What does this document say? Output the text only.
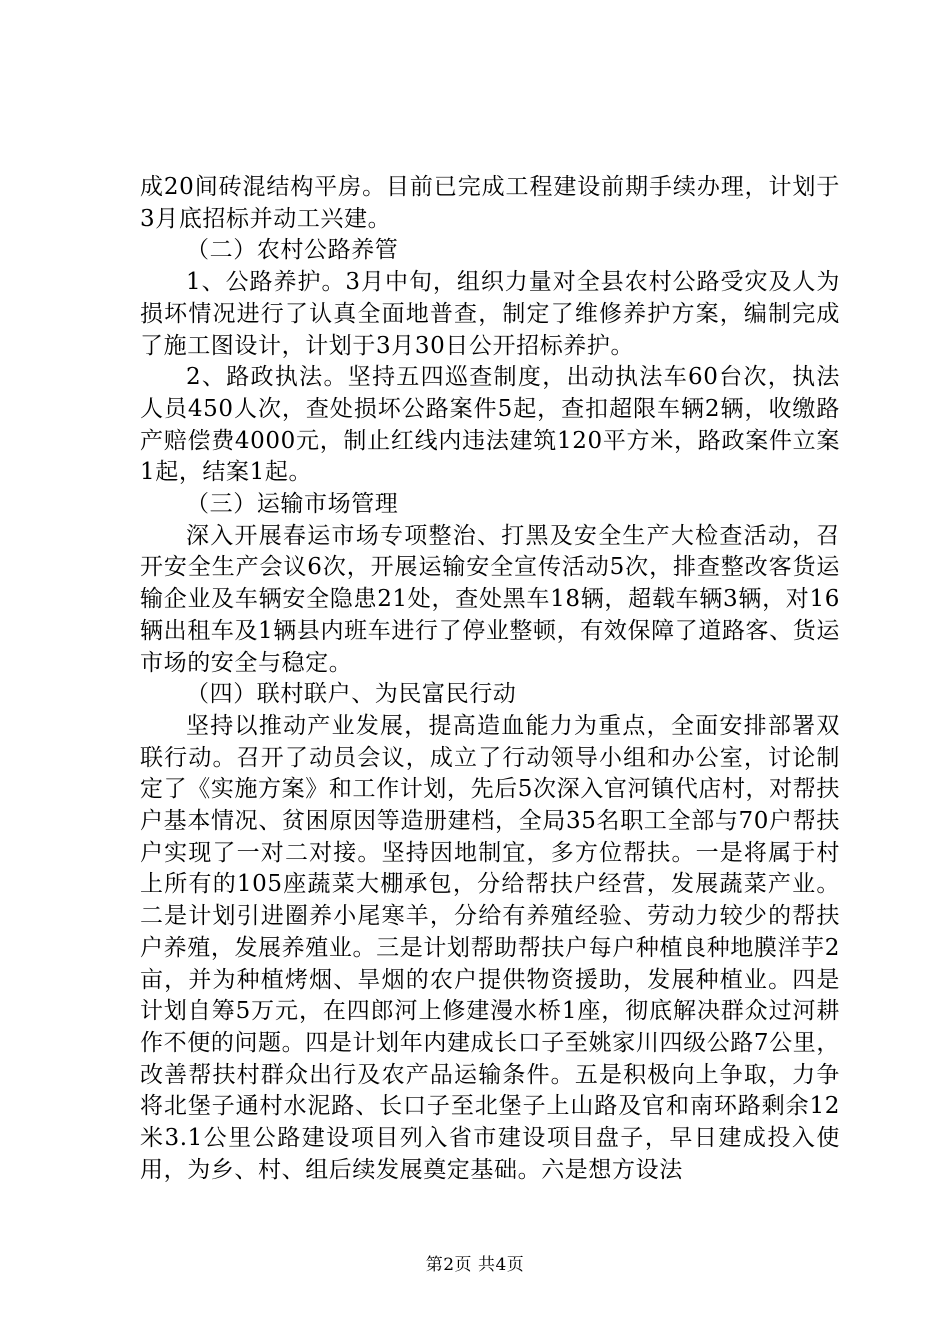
成20间砖混结构平房。目前已完成工程建设前期手续办理，计划于3月底招标并动工兴建。

（二）农村公路养管

1、公路养护。3月中旬，组织力量对全县农村公路受灾及人为损坏情况进行了认真全面地普查，制定了维修养护方案，编制完成了施工图设计，计划于3月30日公开招标养护。

2、路政执法。坚持五四巡查制度，出动执法车60台次，执法人员450人次，查处损坏公路案件5起，查扣超限车辆2辆，收缴路产赔偿费4000元，制止红线内违法建筑120平方米，路政案件立案1起，结案1起。

（三）运输市场管理

深入开展春运市场专项整治、打黑及安全生产大检查活动，召开安全生产会议6次，开展运输安全宣传活动5次，排查整改客货运输企业及车辆安全隐患21处，查处黑车18辆，超载车辆3辆，对16辆出租车及1辆县内班车进行了停业整顿，有效保障了道路客、货运市场的安全与稳定。

（四）联村联户、为民富民行动

坚持以推动产业发展，提高造血能力为重点，全面安排部署双联行动。召开了动员会议，成立了行动领导小组和办公室，讨论制定了《实施方案》和工作计划，先后5次深入官河镇代店村，对帮扶户基本情况、贫困原因等造册建档，全局35名职工全部与70户帮扶户实现了一对二对接。坚持因地制宜，多方位帮扶。一是将属于村上所有的105座蔬菜大棚承包，分给帮扶户经营，发展蔬菜产业。二是计划引进圈养小尾寒羊，分给有养殖经验、劳动力较少的帮扶户养殖，发展养殖业。三是计划帮助帮扶户每户种植良种地膜洋芋2亩，并为种植烤烟、旱烟的农户提供物资援助，发展种植业。四是计划自筹5万元，在四郎河上修建漫水桥1座，彻底解决群众过河耕作不便的问题。四是计划年内建成长口子至姚家川四级公路7公里，改善帮扶村群众出行及农产品运输条件。五是积极向上争取，力争将北堡子通村水泥路、长口子至北堡子上山路及官和南环路剩余12米3.1公里公路建设项目列入省市建设项目盘子，早日建成投入使用，为乡、村、组后续发展奠定基础。六是想方设法

第2页 共4页
